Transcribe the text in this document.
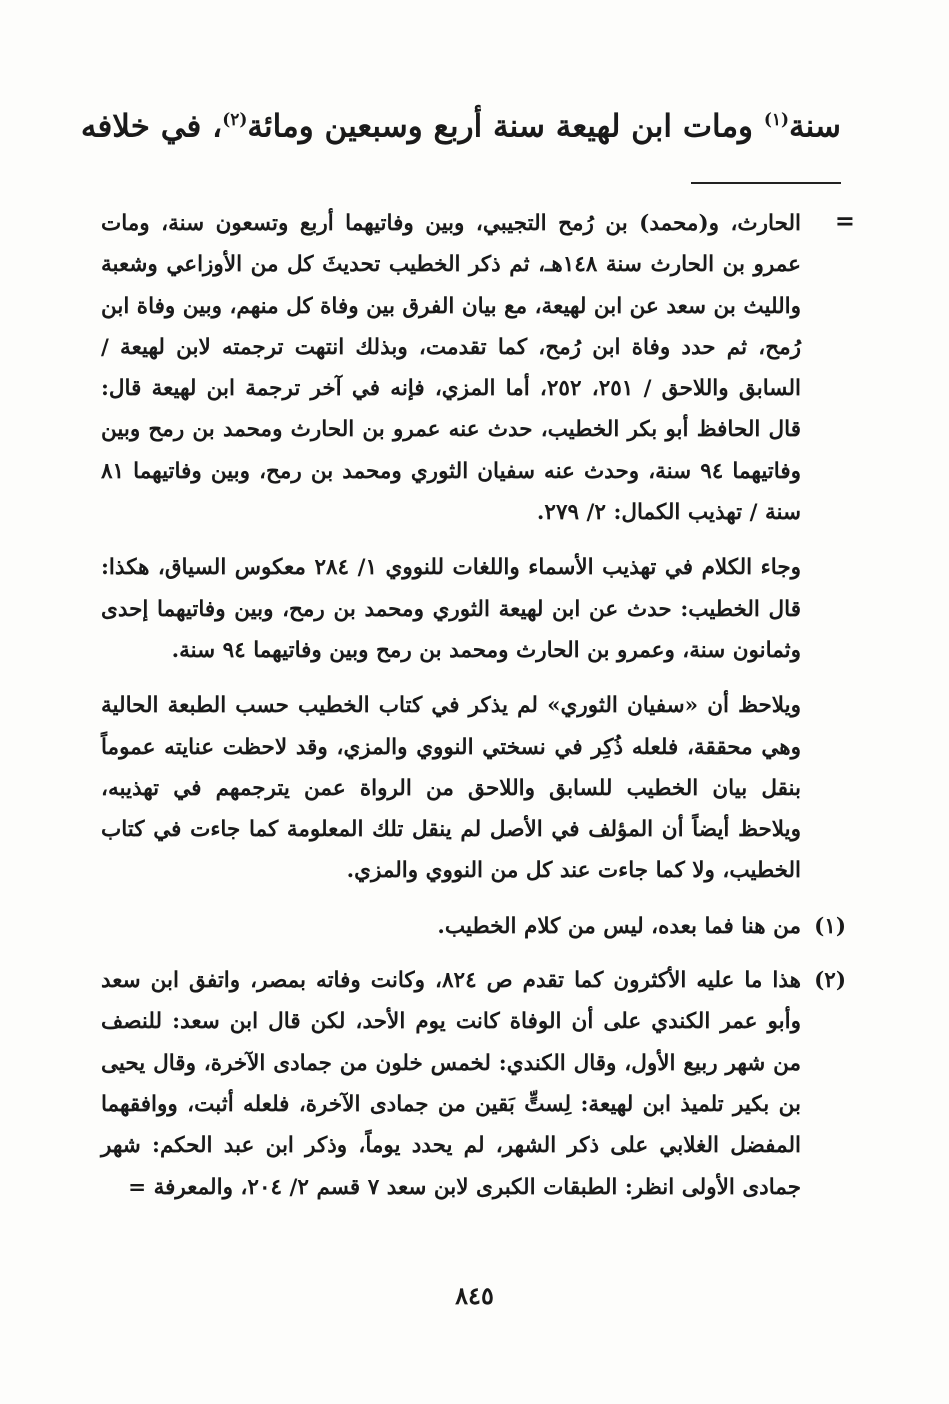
سنة$^{(١)}$ ومات ابن لهيعة سنة أربع وسبعين ومائة$^{(٢)}$، في خلافه
=

الحارث، و(محمد) بن رُمح التجيبي، وبين وفاتيهما أربع وتسعون سنة، ومات عمرو بن الحارث سنة ١٤٨هـ، ثم ذكر الخطيب تحديثَ كل من الأوزاعي وشعبة والليث بن سعد عن ابن لهيعة، مع بيان الفرق بين وفاة كل منهم، وبين وفاة ابن رُمح، ثم حدد وفاة ابن رُمح، كما تقدمت، وبذلك انتهت ترجمته لابن لهيعة / السابق واللاحق / ٢٥١، ٢٥٢، أما المزي، فإنه في آخر ترجمة ابن لهيعة قال: قال الحافظ أبو بكر الخطيب، حدث عنه عمرو بن الحارث ومحمد بن رمح وبين وفاتيهما ٩٤ سنة، وحدث عنه سفيان الثوري ومحمد بن رمح، وبين وفاتيهما ٨١ سنة / تهذيب الكمال: ٢/ ٢٧٩.

وجاء الكلام في تهذيب الأسماء واللغات للنووي ١/ ٢٨٤ معكوس السياق، هكذا: قال الخطيب: حدث عن ابن لهيعة الثوري ومحمد بن رمح، وبين وفاتيهما إحدى وثمانون سنة، وعمرو بن الحارث ومحمد بن رمح وبين وفاتيهما ٩٤ سنة.

ويلاحظ أن «سفيان الثوري» لم يذكر في كتاب الخطيب حسب الطبعة الحالية وهي محققة، فلعله ذُكِر في نسختي النووي والمزي، وقد لاحظت عنايته عموماً بنقل بيان الخطيب للسابق واللاحق من الرواة عمن يترجمهم في تهذيبه، ويلاحظ أيضاً أن المؤلف في الأصل لم ينقل تلك المعلومة كما جاءت في كتاب الخطيب، ولا كما جاءت عند كل من النووي والمزي.

(١)
من هنا فما بعده، ليس من كلام الخطيب.
(٢)
هذا ما عليه الأكثرون كما تقدم ص ٨٢٤، وكانت وفاته بمصر، واتفق ابن سعد وأبو عمر الكندي على أن الوفاة كانت يوم الأحد، لكن قال ابن سعد: للنصف من شهر ربيع الأول، وقال الكندي: لخمس خلون من جمادى الآخرة، وقال يحيى بن بكير تلميذ ابن لهيعة: لِستٍّ بَقين من جمادى الآخرة، فلعله أثبت، ووافقهما المفضل الغلابي على ذكر الشهر، لم يحدد يوماً، وذكر ابن عبد الحكم: شهر جمادى الأولى انظر: الطبقات الكبرى لابن سعد ٧ قسم ٢/ ٢٠٤، والمعرفة =
٨٤٥
